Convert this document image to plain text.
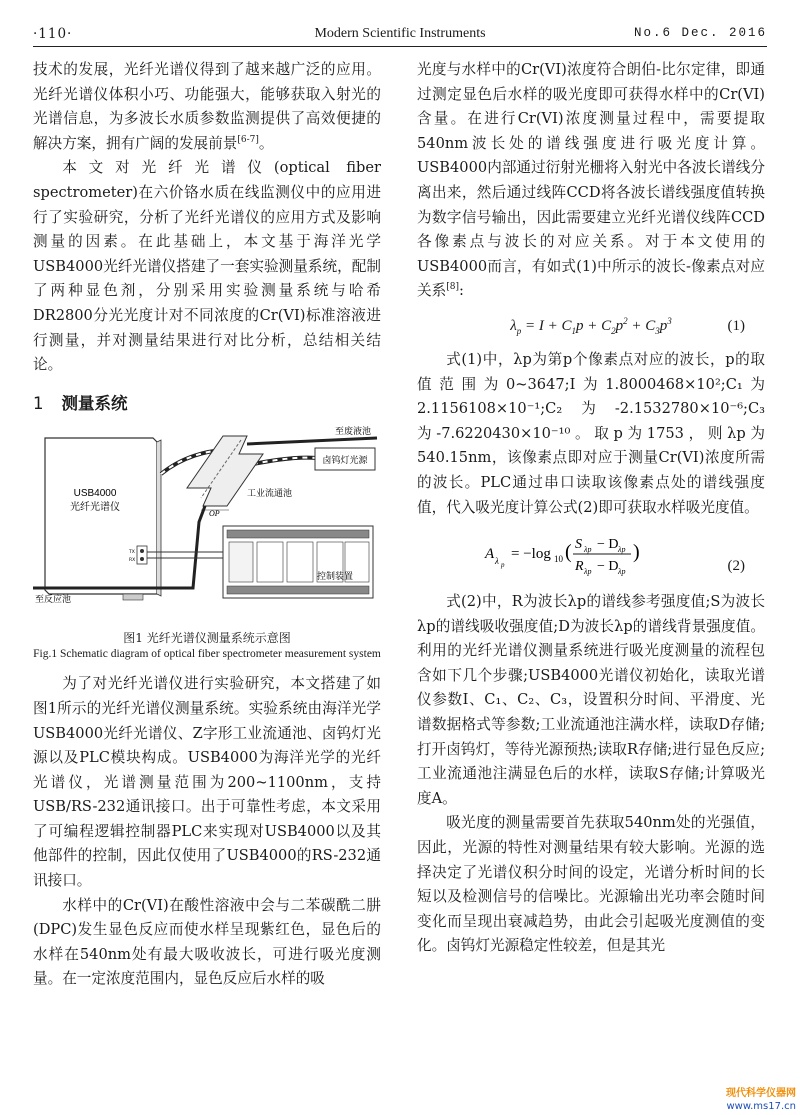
·110·	Modern Scientific Instruments	No.6 Dec. 2016

技术的发展，光纤光谱仪得到了越来越广泛的应用。光纤光谱仪体积小巧、功能强大，能够获取入射光的光谱信息，为多波长水质参数监测提供了高效便捷的解决方案，拥有广阔的发展前景[6-7]。

本文对光纤光谱仪(optical fiber spectrometer)在六价铬水质在线监测仪中的应用进行了实验研究，分析了光纤光谱仪的应用方式及影响测量的因素。在此基础上，本文基于海洋光学USB4000光纤光谱仪搭建了一套实验测量系统，配制了两种显色剂，分别采用实验测量系统与哈希DR2800分光光度计对不同浓度的Cr(VI)标准溶液进行测量，并对测量结果进行对比分析，总结相关结论。

1 测量系统
USB4000
光纤光谱仪
TX
RX
至废液池
工业流通池
OP
卤钨灯光源
至反应池
控制装置
图1 光纤光谱仪测量系统示意图
Fig.1 Schematic diagram of optical fiber spectrometer measurement system

为了对光纤光谱仪进行实验研究，本文搭建了如图1所示的光纤光谱仪测量系统。实验系统由海洋光学USB4000光纤光谱仪、Z字形工业流通池、卤钨灯光源以及PLC模块构成。USB4000为海洋光学的光纤光谱仪，光谱测量范围为200~1100nm，支持USB/RS-232通讯接口。出于可靠性考虑，本文采用了可编程逻辑控制器PLC来实现对USB4000以及其他部件的控制，因此仅使用了USB4000的RS-232通讯接口。

水样中的Cr(VI)在酸性溶液中会与二苯碳酰二肼(DPC)发生显色反应而使水样呈现紫红色，显色后的水样在540nm处有最大吸收波长，可进行吸光度测量。在一定浓度范围内，显色反应后水样的吸

光度与水样中的Cr(VI)浓度符合朗伯-比尔定律，即通过测定显色后水样的吸光度即可获得水样中的Cr(VI)含量。在进行Cr(VI)浓度测量过程中，需要提取540nm波长处的谱线强度进行吸光度计算。USB4000内部通过衍射光栅将入射光中各波长谱线分离出来，然后通过线阵CCD将各波长谱线强度值转换为数字信号输出，因此需要建立光纤光谱仪线阵CCD各像素点与波长的对应关系。对于本文使用的USB4000而言，有如式(1)中所示的波长-像素点对应关系[8]:

$\lambda_p = I + C_1p + C_2p^2 + C_3p^3$	(1)

式(1)中，λp为第p个像素点对应的波长，p的取值范围为0~3647;I为1.8000468×10²;C₁为2.1156108×10⁻¹;C₂为-2.1532780×10⁻⁶;C₃为-7.6220430×10⁻¹⁰。取p为1753，则λp为540.15nm，该像素点即对应于测量Cr(VI)浓度所需的波长。PLC通过串口读取该像素点处的谱线强度值，代入吸光度计算公式(2)即可获取水样吸光度值。

A λ p
= −log 10 ( S λp − D λp
R λp − D λp
)
(2)

式(2)中，R为波长λp的谱线参考强度值;S为波长λp的谱线吸收强度值;D为波长λp的谱线背景强度值。利用的光纤光谱仪测量系统进行吸光度测量的流程包含如下几个步骤;USB4000光谱仪初始化，读取光谱仪参数I、C₁、C₂、C₃，设置积分时间、平滑度、光谱数据格式等参数;工业流通池注满水样，读取D存储;打开卤钨灯，等待光源预热;读取R存储;进行显色反应;工业流通池注满显色后的水样，读取S存储;计算吸光度A。

吸光度的测量需要首先获取540nm处的光强值，因此，光源的特性对测量结果有较大影响。光源的选择决定了光谱仪积分时间的设定，光谱分析时间的长短以及检测信号的信噪比。光源输出光功率会随时间变化而呈现出衰减趋势，由此会引起吸光度测值的变化。卤钨灯光源稳定性较差，但是其光

现代科学仪器网
www.ms17.cn
